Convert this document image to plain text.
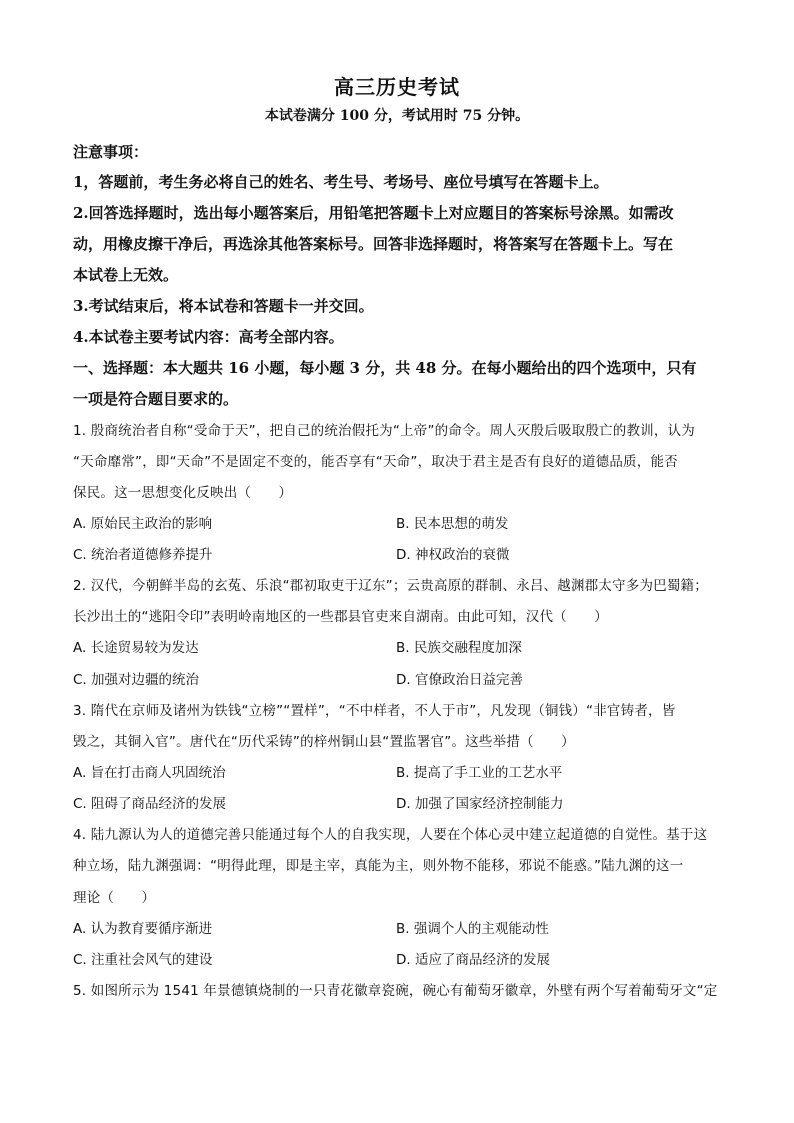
高三历史考试
本试卷满分 100 分，考试用时 75 分钟。
注意事项：
1，答题前，考生务必将自己的姓名、考生号、考场号、座位号填写在答题卡上。
2.回答选择题时，选出每小题答案后，用铅笔把答题卡上对应题目的答案标号涂黑。如需改
动，用橡皮擦干净后，再选涂其他答案标号。回答非选择题时，将答案写在答题卡上。写在
本试卷上无效。
3.考试结束后，将本试卷和答题卡一并交回。
4.本试卷主要考试内容：高考全部内容。
一、选择题：本大题共 16 小题，每小题 3 分，共 48 分。在每小题给出的四个选项中，只有
一项是符合题目要求的。
1. 殷商统治者自称“受命于天”，把自己的统治假托为“上帝”的命令。周人灭殷后吸取殷亡的教训，认为
“天命靡常”，即“天命”不是固定不变的，能否享有“天命”，取决于君主是否有良好的道德品质，能否
保民。这一思想变化反映出（　　）
A. 原始民主政治的影响	B. 民本思想的萌发
C. 统治者道德修养提升	D. 神权政治的衰微
2. 汉代，今朝鲜半岛的玄菟、乐浪“郡初取吏于辽东”；云贵高原的群制、永吕、越渊郡太守多为巴蜀籍；
长沙出土的“逃阳令印”表明岭南地区的一些郡县官吏来自湖南。由此可知，汉代（　　）
A. 长途贸易较为发达	B. 民族交融程度加深
C. 加强对边疆的统治	D. 官僚政治日益完善
3. 隋代在京师及诸州为铁钱“立榜”“置样”，“不中样者，不人于市”，凡发现（铜钱）“非官铸者，皆
毁之，其铜入官”。唐代在“历代采铸”的梓州铜山县“置监署官”。这些举措（　　）
A. 旨在打击商人巩固统治	B. 提高了手工业的工艺水平
C. 阻碍了商品经济的发展	D. 加强了国家经济控制能力
4. 陆九源认为人的道德完善只能通过每个人的自我实现，人要在个体心灵中建立起道德的自觉性。基于这
种立场，陆九渊强调：“明得此理，即是主宰，真能为主，则外物不能移，邪说不能惑。”陆九渊的这一
理论（　　）
A. 认为教育要循序渐进	B. 强调个人的主观能动性
C. 注重社会风气的建设	D. 适应了商品经济的发展
5. 如图所示为 1541 年景德镇烧制的一只青花徽章瓷碗，碗心有葡萄牙徽章，外壁有两个写着葡萄牙文“定
